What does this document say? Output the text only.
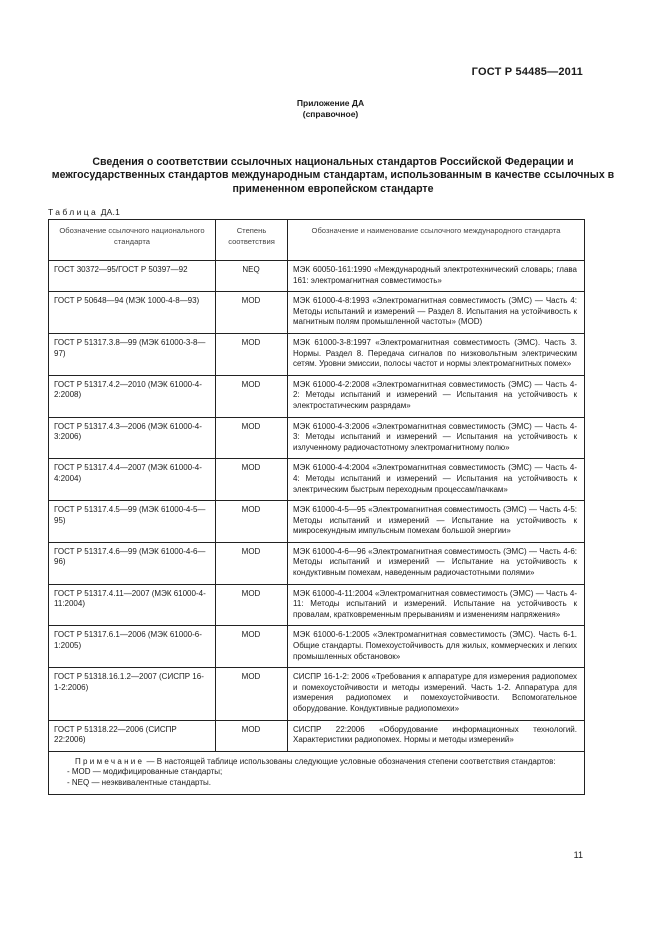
ГОСТ Р 54485—2011
Приложение ДА
(справочное)
Сведения о соответствии ссылочных национальных стандартов Российской Федерации и межгосударственных стандартов международным стандартам, использованным в качестве ссылочных в примененном европейском стандарте
Таблица ДА.1
Обозначение ссылочного национального стандарта	Степень соответствия	Обозначение и наименование ссылочного международного стандарта
ГОСТ 30372—95/ГОСТ Р 50397—92	NEQ	МЭК 60050-161:1990 «Международный электротехнический словарь; глава 161: электромагнитная совместимость»
ГОСТ Р 50648—94 (МЭК 1000-4-8—93)	MOD	МЭК 61000-4-8:1993 «Электромагнитная совместимость (ЭМС) — Часть 4: Методы испытаний и измерений — Раздел 8. Испытания на устойчивость к магнитным полям промышленной частоты» (MOD)
ГОСТ Р 51317.3.8—99 (МЭК 61000-3-8—97)	MOD	МЭК 61000-3-8:1997 «Электромагнитная совместимость (ЭМС). Часть 3. Нормы. Раздел 8. Передача сигналов по низковольтным электрическим сетям. Уровни эмиссии, полосы частот и нормы электромагнитных помех»
ГОСТ Р 51317.4.2—2010 (МЭК 61000-4-2:2008)	MOD	МЭК 61000-4-2:2008 «Электромагнитная совместимость (ЭМС) — Часть 4-2: Методы испытаний и измерений — Испытания на устойчивость к электростатическим разрядам»
ГОСТ Р 51317.4.3—2006 (МЭК 61000-4-3:2006)	MOD	МЭК 61000-4-3:2006 «Электромагнитная совместимость (ЭМС) — Часть 4-3: Методы испытаний и измерений — Испытания на устойчивость к излученному радиочастотному электромагнитному полю»
ГОСТ Р 51317.4.4—2007 (МЭК 61000-4-4:2004)	MOD	МЭК 61000-4-4:2004 «Электромагнитная совместимость (ЭМС) — Часть 4-4: Методы испытаний и измерений — Испытания на устойчивость к электрическим быстрым переходным процессам/пачкам»
ГОСТ Р 51317.4.5—99 (МЭК 61000-4-5—95)	MOD	МЭК 61000-4-5—95 «Электромагнитная совместимость (ЭМС) — Часть 4-5: Методы испытаний и измерений — Испытание на устойчивость к микросекундным импульсным помехам большой энергии»
ГОСТ Р 51317.4.6—99 (МЭК 61000-4-6—96)	MOD	МЭК 61000-4-6—96 «Электромагнитная совместимость (ЭМС) — Часть 4-6: Методы испытаний и измерений — Испытание на устойчивость к кондуктивным помехам, наведенным радиочастотными полями»
ГОСТ Р 51317.4.11—2007 (МЭК 61000-4-11:2004)	MOD	МЭК 61000-4-11:2004 «Электромагнитная совместимость (ЭМС) — Часть 4-11: Методы испытаний и измерений. Испытание на устойчивость к провалам, кратковременным прерываниям и изменениям напряжения»
ГОСТ Р 51317.6.1—2006 (МЭК 61000-6-1:2005)	MOD	МЭК 61000-6-1:2005 «Электромагнитная совместимость (ЭМС). Часть 6-1. Общие стандарты. Помехоустойчивость для жилых, коммерческих и легких промышленных обстановок»
ГОСТ Р 51318.16.1.2—2007 (СИСПР 16-1-2:2006)	MOD	СИСПР 16-1-2: 2006 «Требования к аппаратуре для измерения радиопомех и помехоустойчивости и методы измерений. Часть 1-2. Аппаратура для измерения радиопомех и помехоустойчивости. Вспомогательное оборудование. Кондуктивные радиопомехи»
ГОСТ Р 51318.22—2006 (СИСПР 22:2006)	MOD	СИСПР 22:2006 «Оборудование информационных технологий. Характеристики радиопомех. Нормы и методы измерений»

Примечание — В настоящей таблице использованы следующие условные обозначения степени соответствия стандартов:
- MOD — модифицированные стандарты;
- NEQ — неэквивалентные стандарты.		
11
